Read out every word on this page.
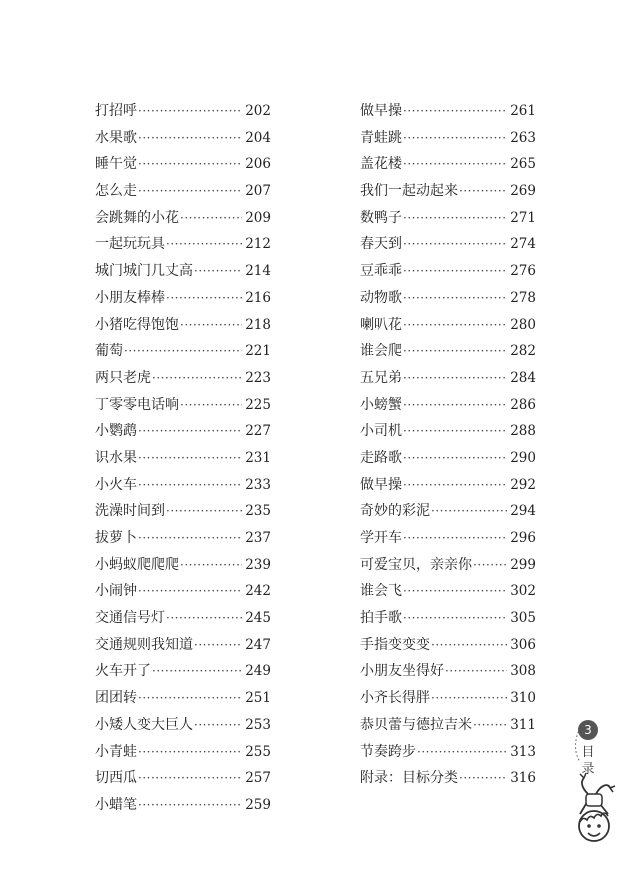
打招呼 ·····	202
水果歌 ·····	204
睡午觉 ·····	206
怎么走 ·····	207
会跳舞的小花 ·····	209
一起玩玩具 ·····	212
城门城门几丈高 ·····	214
小朋友棒棒 ·····	216
小猪吃得饱饱 ·····	218
葡萄 ·····	221
两只老虎 ·····	223
丁零零电话响 ·····	225
小鹦鹉 ·····	227
识水果 ·····	231
小火车 ·····	233
洗澡时间到 ·····	235
拔萝卜 ·····	237
小蚂蚁爬爬爬 ·····	239
小闹钟 ·····	242
交通信号灯 ·····	245
交通规则我知道 ·····	247
火车开了 ·····	249
团团转 ·····	251
小矮人变大巨人 ·····	253
小青蛙 ·····	255
切西瓜 ·····	257
小蜡笔 ·····	259
做早操 ·····	261
青蛙跳 ·····	263
盖花楼 ·····	265
我们一起动起来 ·····	269
数鸭子 ·····	271
春天到 ·····	274
豆乖乖 ·····	276
动物歌 ·····	278
喇叭花 ·····	280
谁会爬 ·····	282
五兄弟 ·····	284
小螃蟹 ·····	286
小司机 ·····	288
走路歌 ·····	290
做早操 ·····	292
奇妙的彩泥 ·····	294
学开车 ·····	296
可爱宝贝，亲亲你 ·····	299
谁会飞 ·····	302
拍手歌 ·····	305
手指变变变 ·····	306
小朋友坐得好 ·····	308
小齐长得胖 ·····	310
恭贝蕾与德拉吉米 ·····	311
节奏跨步 ·····	313
附录：目标分类 ·····	316
3
目
录
